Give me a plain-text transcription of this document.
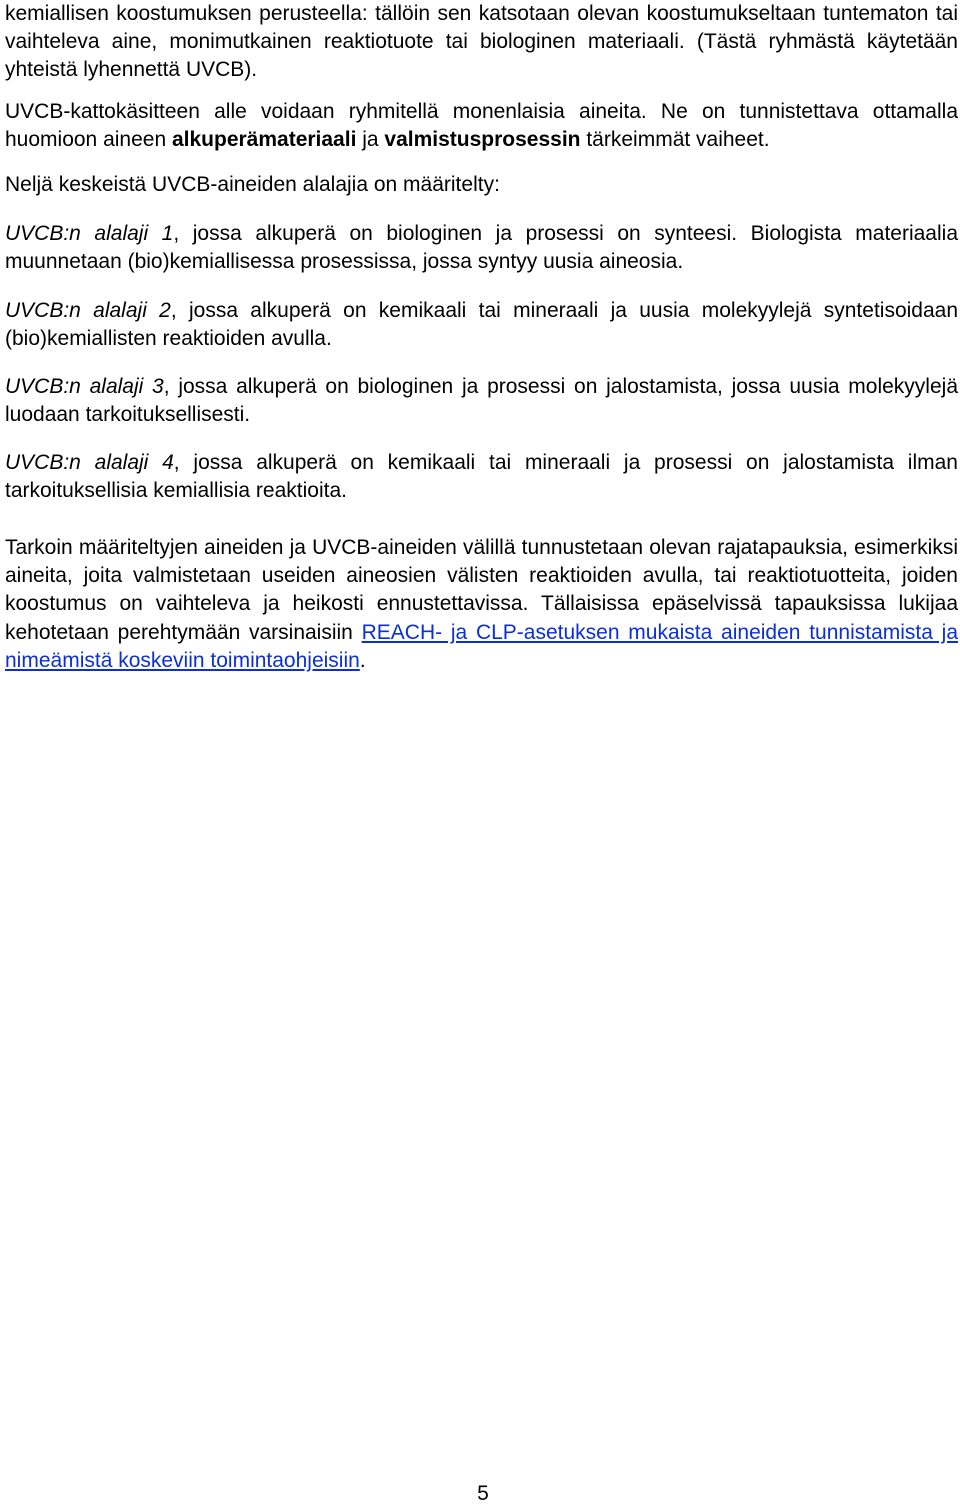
kemiallisen koostumuksen perusteella: tällöin sen katsotaan olevan koostumukseltaan tuntematon tai vaihteleva aine, monimutkainen reaktiotuote tai biologinen materiaali. (Tästä ryhmästä käytetään yhteistä lyhennettä UVCB).

UVCB-kattokäsitteen alle voidaan ryhmitellä monenlaisia aineita. Ne on tunnistettava ottamalla huomioon aineen alkuperämateriaali ja valmistusprosessin tärkeimmät vaiheet.

Neljä keskeistä UVCB-aineiden alalajia on määritelty:

UVCB:n alalaji 1, jossa alkuperä on biologinen ja prosessi on synteesi. Biologista materiaalia muunnetaan (bio)kemiallisessa prosessissa, jossa syntyy uusia aineosia.

UVCB:n alalaji 2, jossa alkuperä on kemikaali tai mineraali ja uusia molekyylejä syntetisoidaan (bio)kemiallisten reaktioiden avulla.

UVCB:n alalaji 3, jossa alkuperä on biologinen ja prosessi on jalostamista, jossa uusia molekyylejä luodaan tarkoituksellisesti.

UVCB:n alalaji 4, jossa alkuperä on kemikaali tai mineraali ja prosessi on jalostamista ilman tarkoituksellisia kemiallisia reaktioita.

Tarkoin määriteltyjen aineiden ja UVCB-aineiden välillä tunnustetaan olevan rajatapauksia, esimerkiksi aineita, joita valmistetaan useiden aineosien välisten reaktioiden avulla, tai reaktiotuotteita, joiden koostumus on vaihteleva ja heikosti ennustettavissa. Tällaisissa epäselvissä tapauksissa lukijaa kehotetaan perehtymään varsinaisiin REACH- ja CLP-asetuksen mukaista aineiden tunnistamista ja nimeämistä koskeviin toimintaohjeisiin.

5
